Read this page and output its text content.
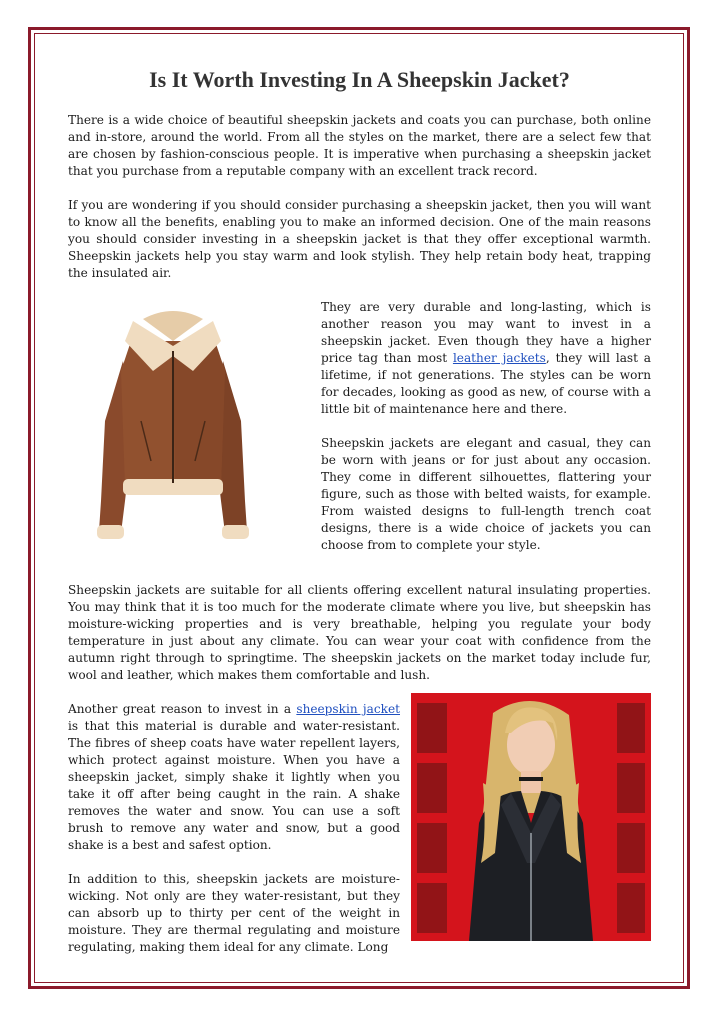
Is It Worth Investing In A Sheepskin Jacket?

There is a wide choice of beautiful sheepskin jackets and coats you can purchase, both online and in-store, around the world. From all the styles on the market, there are a select few that are chosen by fashion-conscious people. It is imperative when purchasing a sheepskin jacket that you purchase from a reputable company with an excellent track record.

If you are wondering if you should consider purchasing a sheepskin jacket, then you will want to know all the benefits, enabling you to make an informed decision. One of the main reasons you should consider investing in a sheepskin jacket is that they offer exceptional warmth. Sheepskin jackets help you stay warm and look stylish. They help retain body heat, trapping the insulated air.

They are very durable and long-lasting, which is another reason you may want to invest in a sheepskin jacket. Even though they have a higher price tag than most leather jackets, they will last a lifetime, if not generations. The styles can be worn for decades, looking as good as new, of course with a little bit of maintenance here and there.

Sheepskin jackets are elegant and casual, they can be worn with jeans or for just about any occasion. They come in different silhouettes, flattering your figure, such as those with belted waists, for example. From waisted designs to full-length trench coat designs, there is a wide choice of jackets you can choose from to complete your style.

Sheepskin jackets are suitable for all clients offering excellent natural insulating properties. You may think that it is too much for the moderate climate where you live, but sheepskin has moisture-wicking properties and is very breathable, helping you regulate your body temperature in just about any climate. You can wear your coat with confidence from the autumn right through to springtime. The sheepskin jackets on the market today include fur, wool and leather, which makes them comfortable and lush.

Another great reason to invest in a sheepskin jacket is that this material is durable and water-resistant. The fibres of sheep coats have water repellent layers, which protect against moisture. When you have a sheepskin jacket, simply shake it lightly when you take it off after being caught in the rain. A shake removes the water and snow. You can use a soft brush to remove any water and snow, but a good shake is a best and safest option.

In addition to this, sheepskin jackets are moisture-wicking. Not only are they water-resistant, but they can absorb up to thirty per cent of the weight in moisture. They are thermal regulating and moisture regulating, making them ideal for any climate. Long
